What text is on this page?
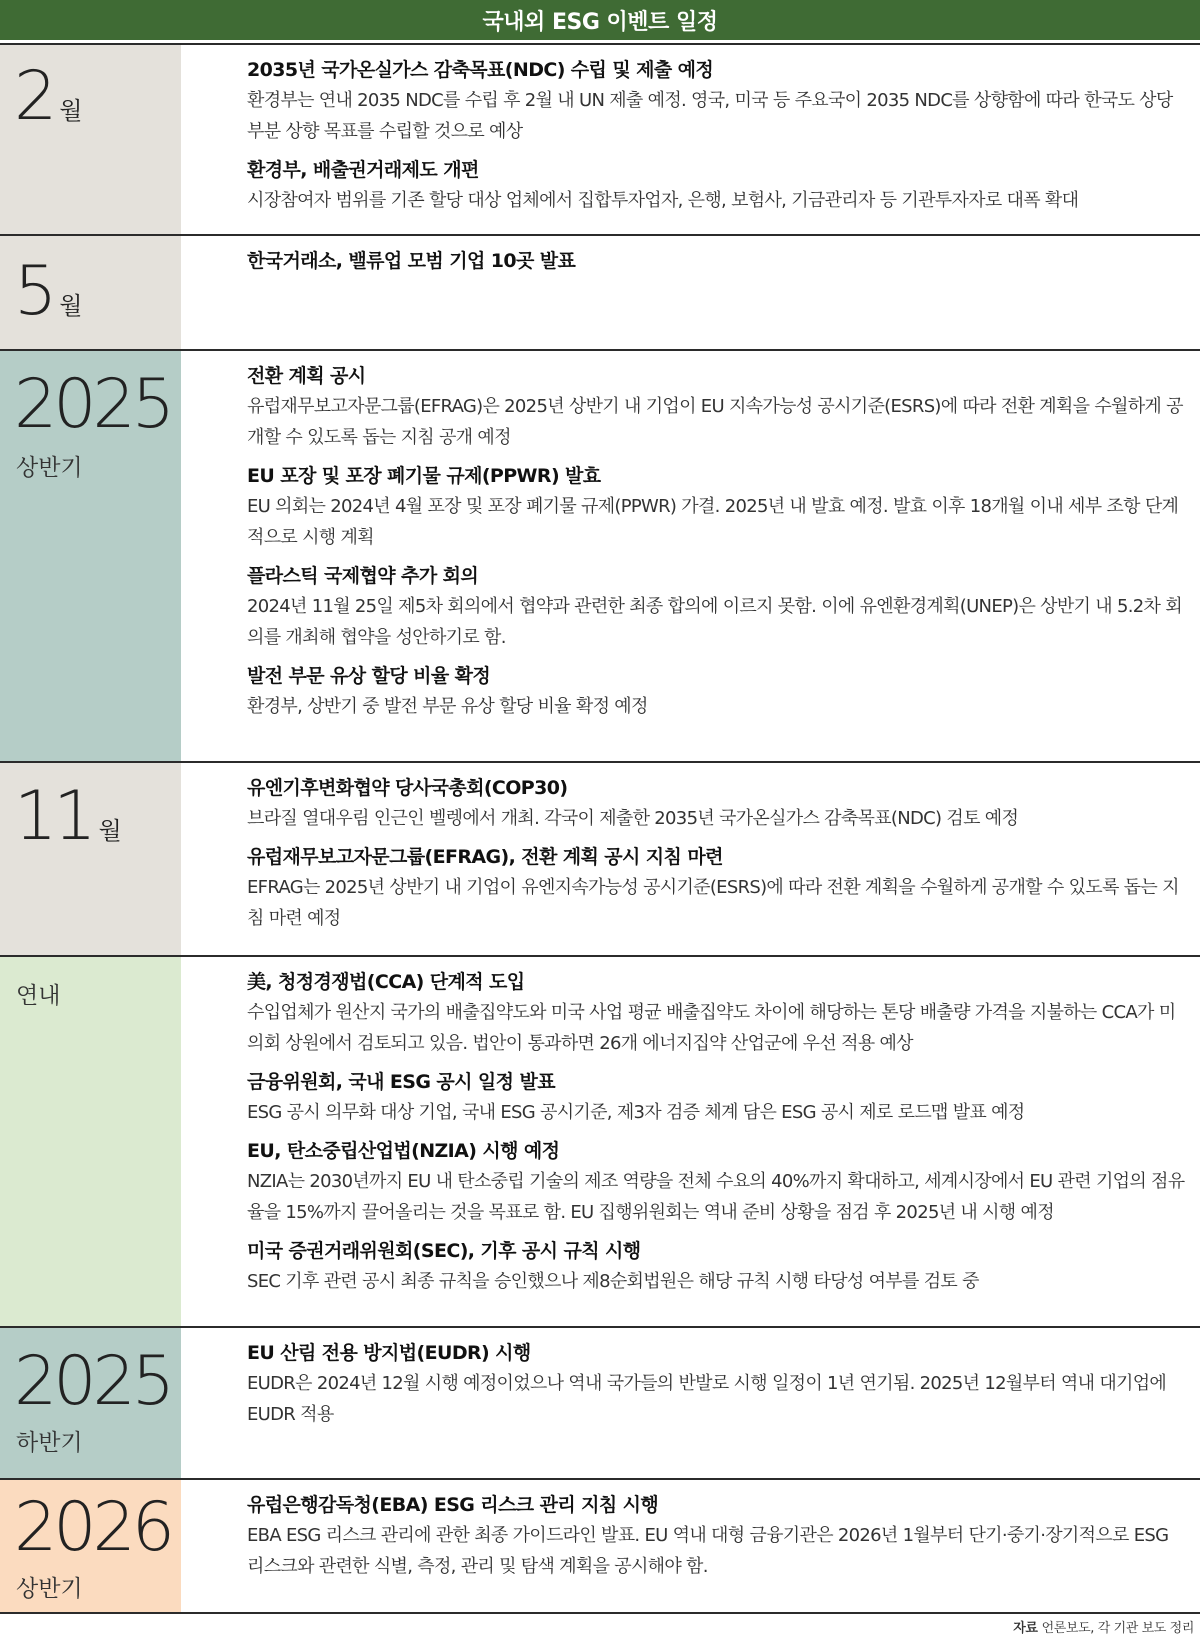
국내외 ESG 이벤트 일정
2 월
2035년 국가온실가스 감축목표(NDC) 수립 및 제출 예정
환경부는 연내 2035 NDC를 수립 후 2월 내 UN 제출 예정. 영국, 미국 등 주요국이 2035 NDC를 상향함에 따라 한국도 상당 부분 상향 목표를 수립할 것으로 예상
환경부, 배출권거래제도 개편
시장참여자 범위를 기존 할당 대상 업체에서 집합투자업자, 은행, 보험사, 기금관리자 등 기관투자자로 대폭 확대
5 월
한국거래소, 밸류업 모범 기업 10곳 발표
2025
상반기
전환 계획 공시
유럽재무보고자문그룹(EFRAG)은 2025년 상반기 내 기업이 EU 지속가능성 공시기준(ESRS)에 따라 전환 계획을 수월하게 공개할 수 있도록 돕는 지침 공개 예정
EU 포장 및 포장 폐기물 규제(PPWR) 발효
EU 의회는 2024년 4월 포장 및 포장 폐기물 규제(PPWR) 가결. 2025년 내 발효 예정. 발효 이후 18개월 이내 세부 조항 단계적으로 시행 계획
플라스틱 국제협약 추가 회의
2024년 11월 25일 제5차 회의에서 협약과 관련한 최종 합의에 이르지 못함. 이에 유엔환경계획(UNEP)은 상반기 내 5.2차 회의를 개최해 협약을 성안하기로 함.
발전 부문 유상 할당 비율 확정
환경부, 상반기 중 발전 부문 유상 할당 비율 확정 예정
11 월
유엔기후변화협약 당사국총회(COP30)
브라질 열대우림 인근인 벨렝에서 개최. 각국이 제출한 2035년 국가온실가스 감축목표(NDC) 검토 예정
유럽재무보고자문그룹(EFRAG), 전환 계획 공시 지침 마련
EFRAG는 2025년 상반기 내 기업이 유엔지속가능성 공시기준(ESRS)에 따라 전환 계획을 수월하게 공개할 수 있도록 돕는 지침 마련 예정
연내
美, 청정경쟁법(CCA) 단계적 도입
수입업체가 원산지 국가의 배출집약도와 미국 사업 평균 배출집약도 차이에 해당하는 톤당 배출량 가격을 지불하는 CCA가 미 의회 상원에서 검토되고 있음. 법안이 통과하면 26개 에너지집약 산업군에 우선 적용 예상
금융위원회, 국내 ESG 공시 일정 발표
ESG 공시 의무화 대상 기업, 국내 ESG 공시기준, 제3자 검증 체계 담은 ESG 공시 제로 로드맵 발표 예정
EU, 탄소중립산업법(NZIA) 시행 예정
NZIA는 2030년까지 EU 내 탄소중립 기술의 제조 역량을 전체 수요의 40%까지 확대하고, 세계시장에서 EU 관련 기업의 점유율을 15%까지 끌어올리는 것을 목표로 함. EU 집행위원회는 역내 준비 상황을 점검 후 2025년 내 시행 예정
미국 증권거래위원회(SEC), 기후 공시 규칙 시행
SEC 기후 관련 공시 최종 규칙을 승인했으나 제8순회법원은 해당 규칙 시행 타당성 여부를 검토 중
2025
하반기
EU 산림 전용 방지법(EUDR) 시행
EUDR은 2024년 12월 시행 예정이었으나 역내 국가들의 반발로 시행 일정이 1년 연기됨. 2025년 12월부터 역내 대기업에 EUDR 적용
2026
상반기
유럽은행감독청(EBA) ESG 리스크 관리 지침 시행
EBA ESG 리스크 관리에 관한 최종 가이드라인 발표. EU 역내 대형 금융기관은 2026년 1월부터 단기·중기·장기적으로 ESG 리스크와 관련한 식별, 측정, 관리 및 탐색 계획을 공시해야 함.
자료 언론보도, 각 기관 보도 정리
